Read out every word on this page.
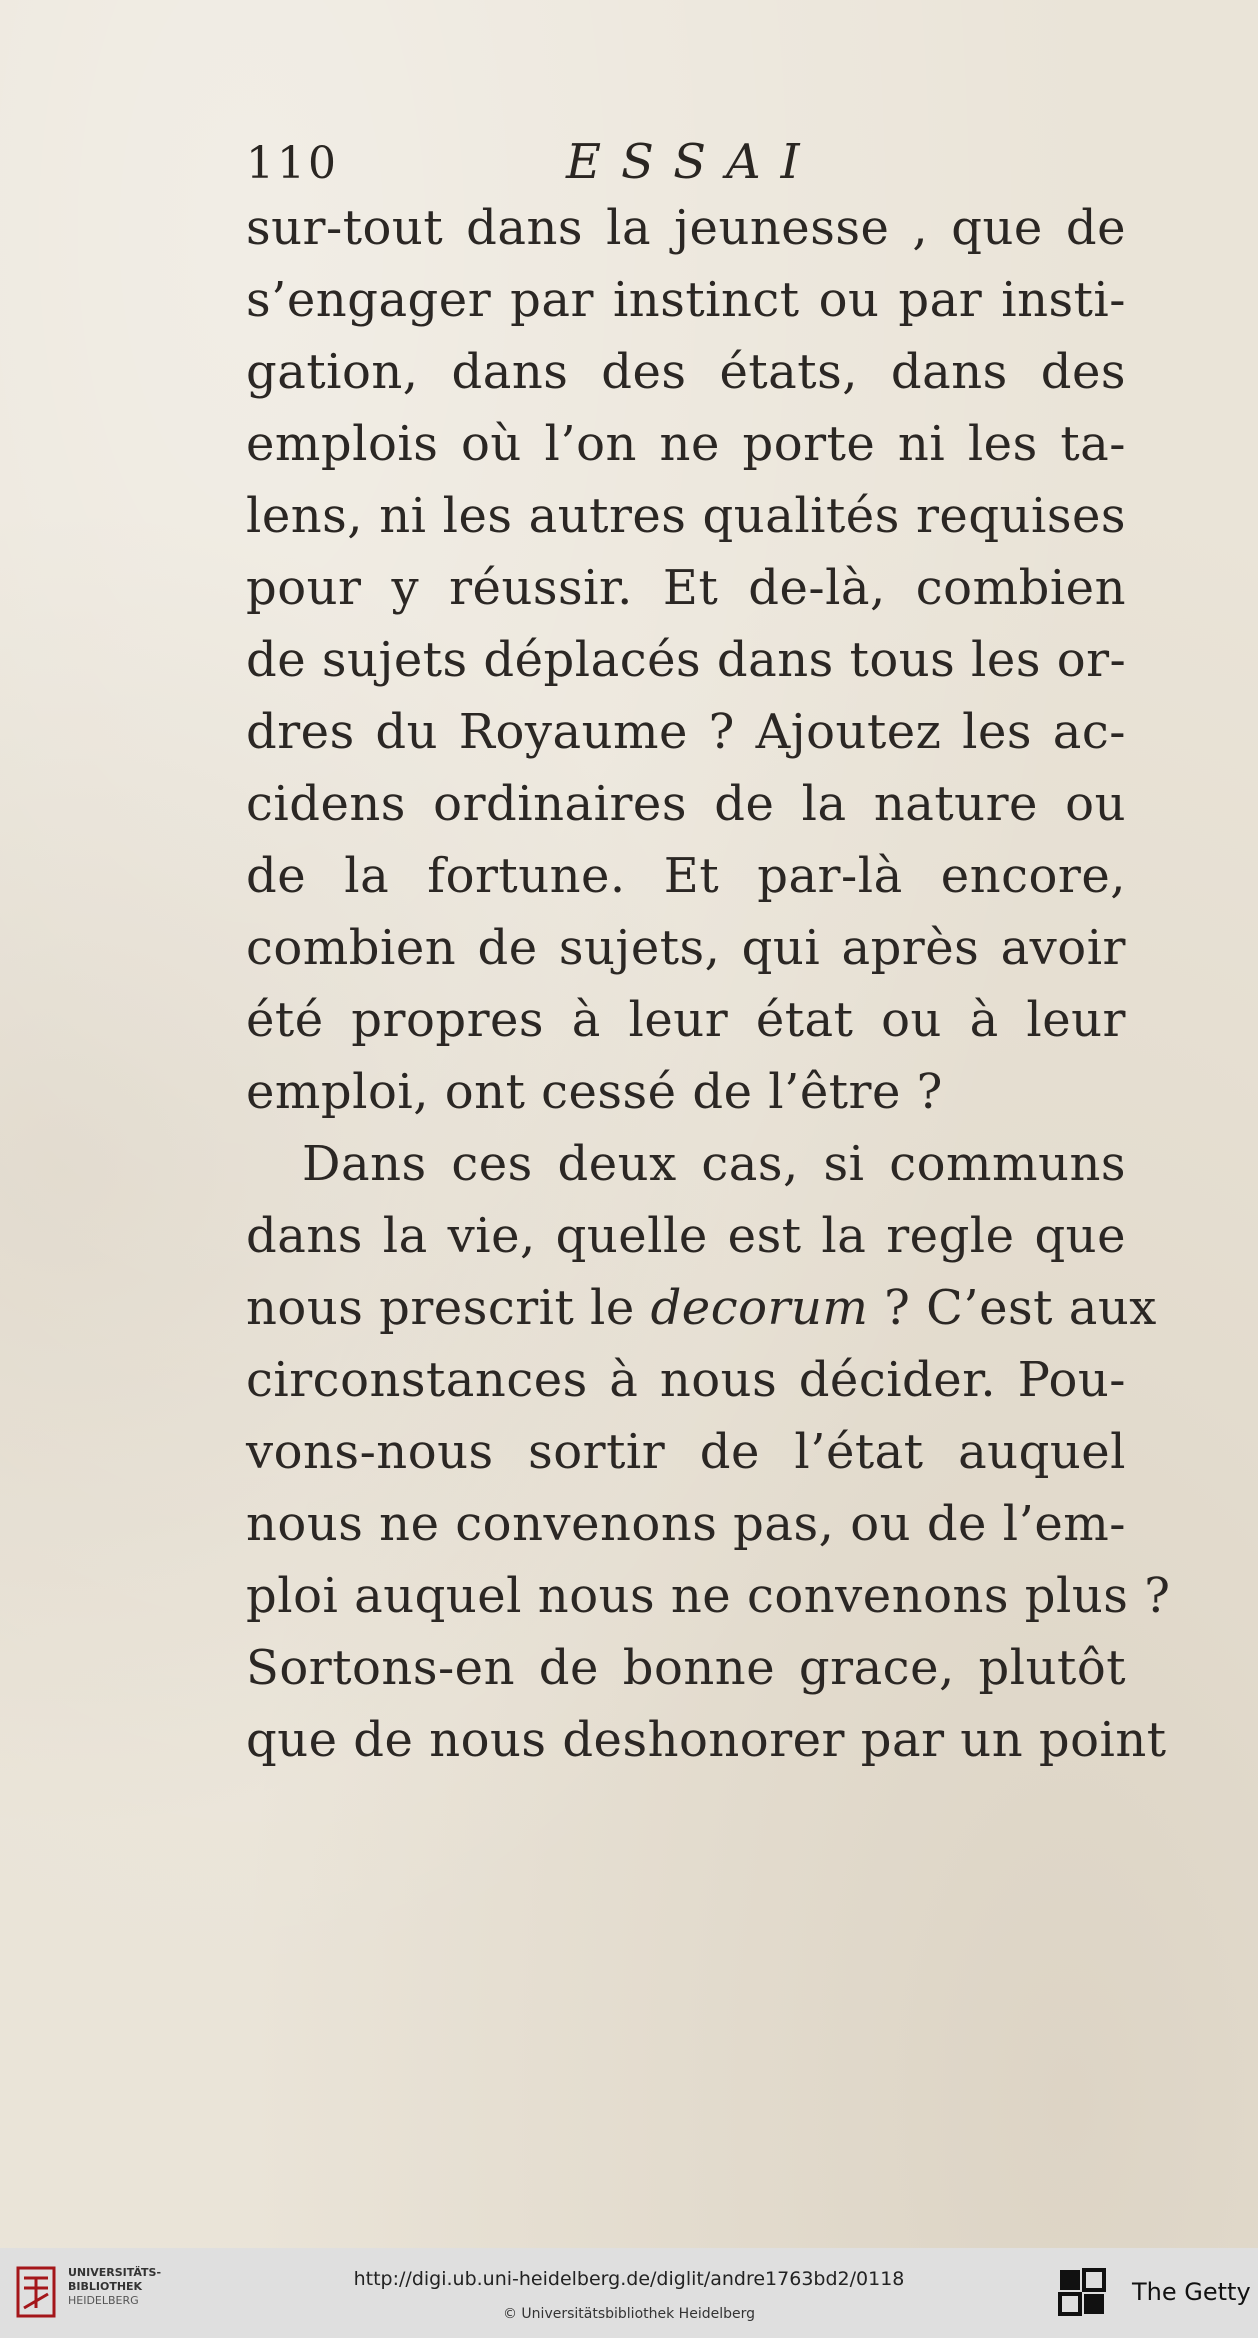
110	ESSAI
sur-tout dans la jeunesse , que de
s’engager par instinct ou par insti-
gation, dans des états, dans des
emplois où l’on ne porte ni les ta-
lens, ni les autres qualités requises
pour y réussir. Et de-là, combien
de sujets déplacés dans tous les or-
dres du Royaume ? Ajoutez les ac-
cidens ordinaires de la nature ou
de la fortune. Et par-là encore,
combien de sujets, qui après avoir
été propres à leur état ou à leur
emploi, ont cessé de l’être ?
Dans ces deux cas, si communs
dans la vie, quelle est la regle que
nous prescrit le decorum ? C’est aux
circonstances à nous décider. Pou-
vons-nous sortir de l’état auquel
nous ne convenons pas, ou de l’em-
ploi auquel nous ne convenons plus ?
Sortons-en de bonne grace, plutôt
que de nous deshonorer par un point
UNIVERSITÄTS-
BIBLIOTHEK
HEIDELBERG
http://digi.ub.uni-heidelberg.de/diglit/andre1763bd2/0118
© Universitätsbibliothek Heidelberg
The Getty
